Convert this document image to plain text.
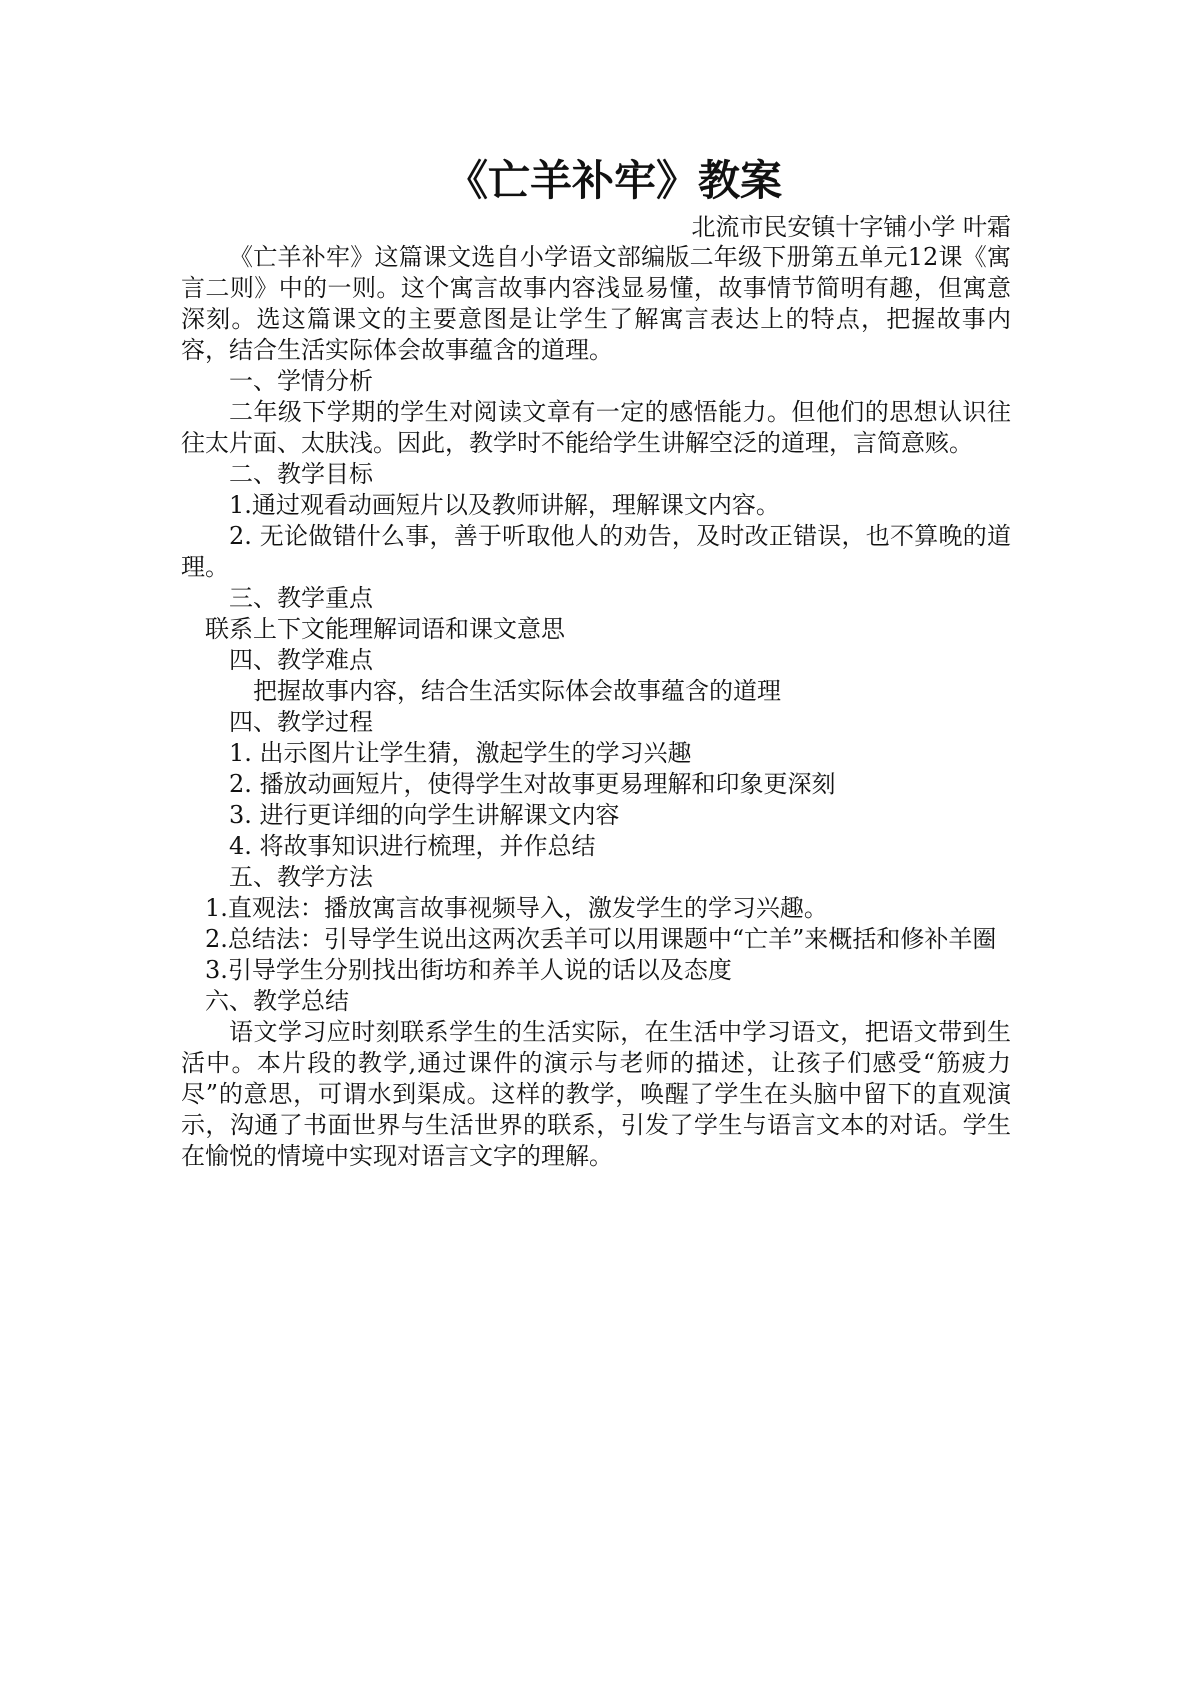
《亡羊补牢》教案

北流市民安镇十字铺小学 叶霜

《亡羊补牢》这篇课文选自小学语文部编版二年级下册第五单元12课《寓言二则》中的一则。这个寓言故事内容浅显易懂，故事情节简明有趣，但寓意深刻。选这篇课文的主要意图是让学生了解寓言表达上的特点，把握故事内容，结合生活实际体会故事蕴含的道理。

一、学情分析

二年级下学期的学生对阅读文章有一定的感悟能力。但他们的思想认识往往太片面、太肤浅。因此，教学时不能给学生讲解空泛的道理，言简意赅。

二、教学目标

1.通过观看动画短片以及教师讲解，理解课文内容。

2. 无论做错什么事，善于听取他人的劝告，及时改正错误，也不算晚的道理。

三、教学重点

联系上下文能理解词语和课文意思

四、教学难点

把握故事内容，结合生活实际体会故事蕴含的道理

四、教学过程

1. 出示图片让学生猜，激起学生的学习兴趣

2. 播放动画短片，使得学生对故事更易理解和印象更深刻

3. 进行更详细的向学生讲解课文内容

4. 将故事知识进行梳理，并作总结

五、教学方法

1.直观法：播放寓言故事视频导入，激发学生的学习兴趣。

2.总结法：引导学生说出这两次丢羊可以用课题中“亡羊”来概括和修补羊圈

3.引导学生分别找出街坊和养羊人说的话以及态度

六、教学总结

语文学习应时刻联系学生的生活实际，在生活中学习语文，把语文带到生活中。本片段的教学,通过课件的演示与老师的描述，让孩子们感受“筋疲力尽”的意思，可谓水到渠成。这样的教学，唤醒了学生在头脑中留下的直观演示，沟通了书面世界与生活世界的联系，引发了学生与语言文本的对话。学生在愉悦的情境中实现对语言文字的理解。
